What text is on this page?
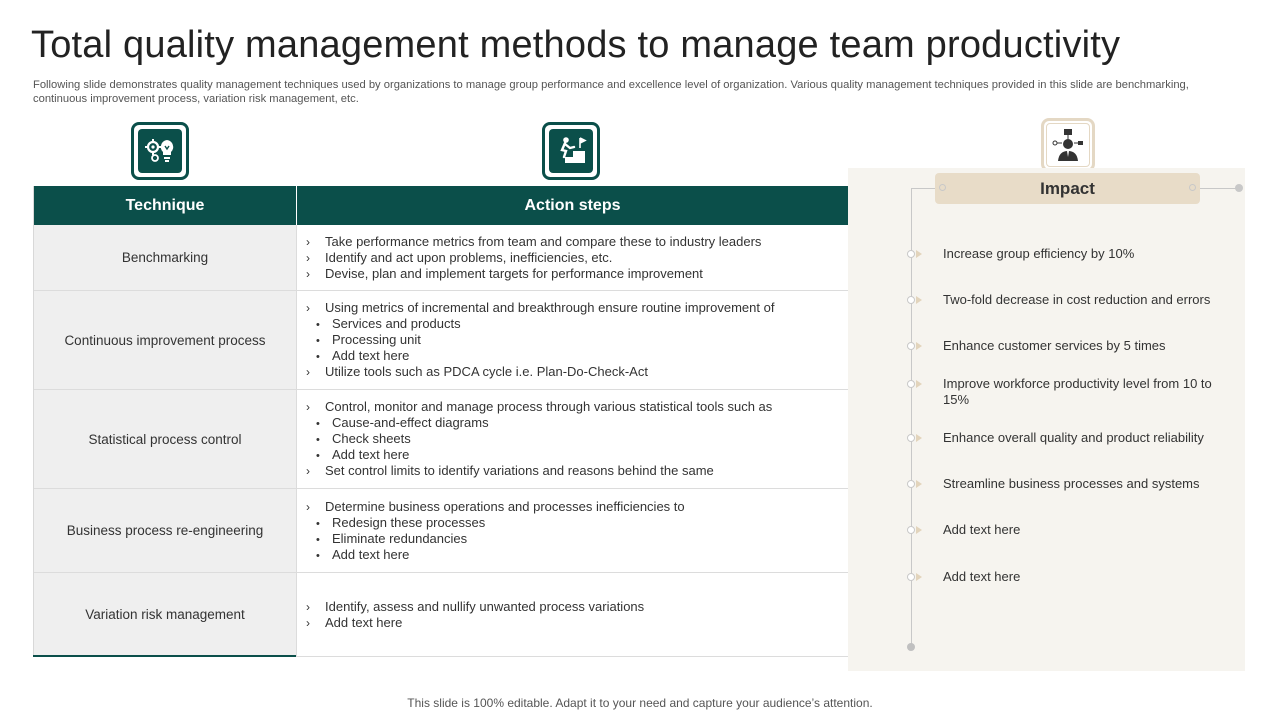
Total quality management methods to manage team productivity

Following slide demonstrates quality management techniques used by organizations to manage group performance and excellence level of organization. Various quality management techniques provided in this slide are benchmarking, continuous improvement process, variation risk management, etc.

Technique	Action steps
Benchmarking
› Take performance metrics from team and compare these to industry leaders
› Identify and act upon problems, inefficiencies, etc.
› Devise, plan and implement targets for performance improvement
Continuous improvement process
› Using metrics of incremental and breakthrough ensure routine improvement of
• Services and products
• Processing unit
• Add text here
› Utilize tools such as PDCA cycle i.e. Plan-Do-Check-Act
Statistical process control
› Control, monitor and manage process through various statistical tools such as
• Cause-and-effect diagrams
• Check sheets
• Add text here
› Set control limits to identify variations and reasons behind the same
Business process re-engineering
› Determine business operations and processes inefficiencies to
• Redesign these processes
• Eliminate redundancies
• Add text here
Variation risk management
› Identify, assess and nullify unwanted process variations
› Add text here
Impact
Increase group efficiency by 10%
Two-fold decrease in cost reduction and errors
Enhance customer services by 5 times
Improve workforce productivity level from 10 to 15%
Enhance overall quality and product reliability
Streamline business processes and systems
Add text here
Add text here
This slide is 100% editable. Adapt it to your need and capture your audience’s attention.
